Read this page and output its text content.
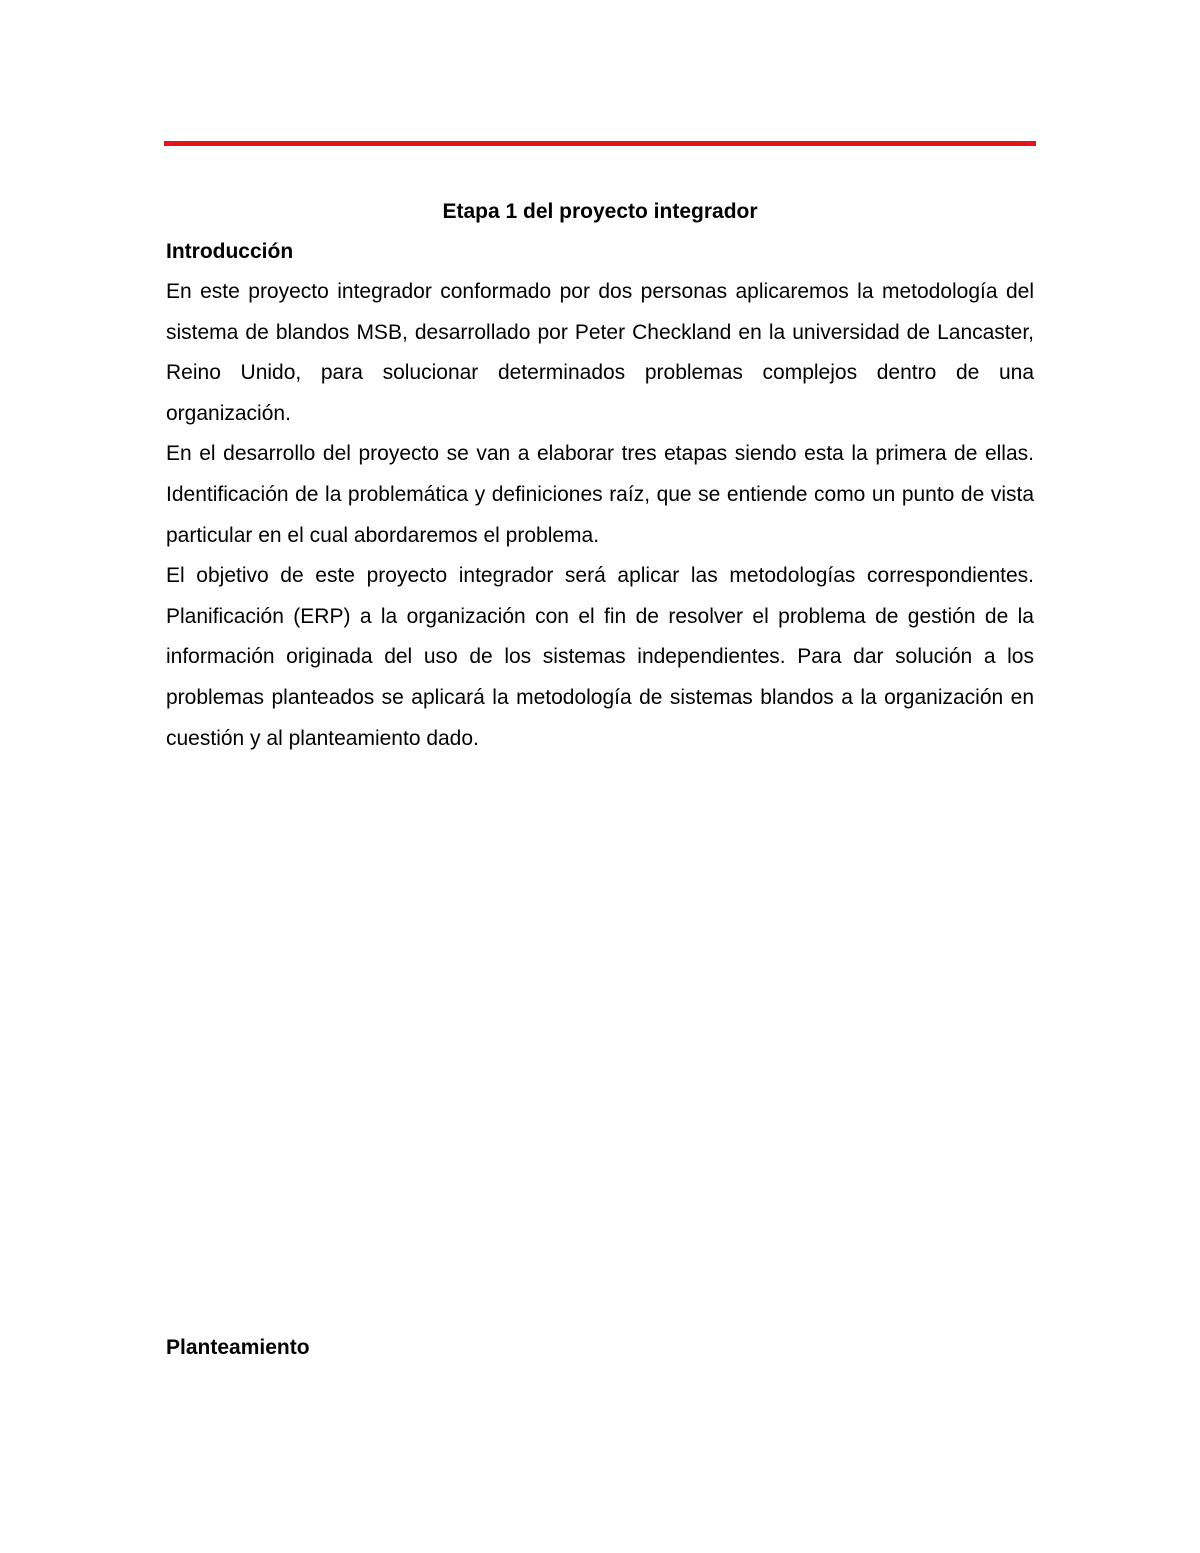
Etapa 1 del proyecto integrador
Introducción

En este proyecto integrador conformado por dos personas aplicaremos la metodología del sistema de blandos MSB, desarrollado por Peter Checkland en la universidad de Lancaster, Reino Unido, para solucionar determinados problemas complejos dentro de una organización.

En el desarrollo del proyecto se van a elaborar tres etapas siendo esta la primera de ellas. Identificación de la problemática y definiciones raíz, que se entiende como un punto de vista particular en el cual abordaremos el problema.

El objetivo de este proyecto integrador será aplicar las metodologías correspondientes. Planificación (ERP) a la organización con el fin de resolver el problema de gestión de la información originada del uso de los sistemas independientes. Para dar solución a los problemas planteados se aplicará la metodología de sistemas blandos a la organización en cuestión y al planteamiento dado.

Planteamiento
